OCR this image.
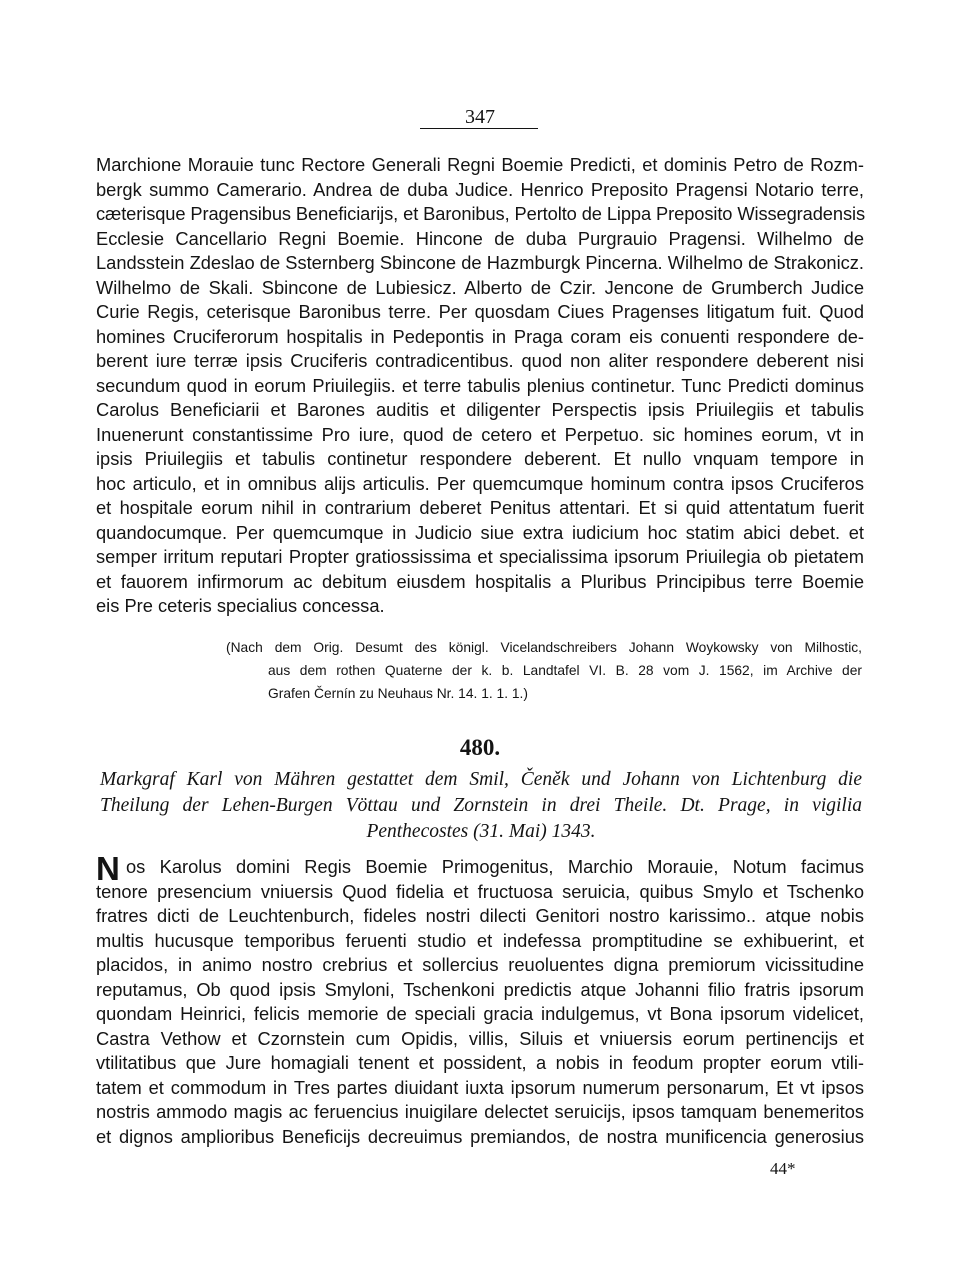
347
Marchione Morauie tunc Rectore Generali Regni Boemie Predicti, et dominis Petro de Rozm-
bergk summo Camerario. Andrea de duba Judice. Henrico Preposito Pragensi Notario terre,
cæterisque Pragensibus Beneficiarijs, et Baronibus, Pertolto de Lippa Preposito Wissegradensis
Ecclesie Cancellario Regni Boemie. Hincone de duba Purgrauio Pragensi. Wilhelmo de
Landsstein Zdeslao de Ssternberg Sbincone de Hazmburgk Pincerna. Wilhelmo de Strakonicz.
Wilhelmo de Skali. Sbincone de Lubiesicz. Alberto de Czir. Jencone de Grumberch Judice
Curie Regis, ceterisque Baronibus terre. Per quosdam Ciues Pragenses litigatum fuit. Quod
homines Cruciferorum hospitalis in Pedepontis in Praga coram eis conuenti respondere de-
berent iure terræ ipsis Cruciferis contradicentibus. quod non aliter respondere deberent nisi
secundum quod in eorum Priuilegiis. et terre tabulis plenius continetur. Tunc Predicti dominus
Carolus Beneficiarii et Barones auditis et diligenter Perspectis ipsis Priuilegiis et tabulis
Inuenerunt constantissime Pro iure, quod de cetero et Perpetuo. sic homines eorum, vt in
ipsis Priuilegiis et tabulis continetur respondere deberent. Et nullo vnquam tempore in
hoc articulo, et in omnibus alijs articulis. Per quemcumque hominum contra ipsos Cruciferos
et hospitale eorum nihil in contrarium deberet Penitus attentari. Et si quid attentatum fuerit
quandocumque. Per quemcumque in Judicio siue extra iudicium hoc statim abici debet. et
semper irritum reputari Propter gratiossissima et specialissima ipsorum Priuilegia ob pietatem
et fauorem infirmorum ac debitum eiusdem hospitalis a Pluribus Principibus terre Boemie
eis Pre ceteris specialius concessa.
(Nach dem Orig. Desumt des königl. Vicelandschreibers Johann Woykowsky von Milhostic,
aus dem rothen Quaterne der k. b. Landtafel VI. B. 28 vom J. 1562, im Archive der
Grafen Černín zu Neuhaus Nr. 14. 1. 1. 1.)
480.
Markgraf Karl von Mähren gestattet dem Smil, Čeněk und Johann von Lichtenburg die
Theilung der Lehen-Burgen Vöttau und Zornstein in drei Theile. Dt. Prage, in vigilia
Penthecostes (31. Mai) 1343.
os Karolus domini Regis Boemie Primogenitus, Marchio Morauie, Notum facimus
tenore presencium vniuersis Quod fidelia et fructuosa seruicia, quibus Smylo et Tschenko
fratres dicti de Leuchtenburch, fideles nostri dilecti Genitori nostro karissimo.. atque nobis
multis hucusque temporibus feruenti studio et indefessa promptitudine se exhibuerint, et
placidos, in animo nostro crebrius et sollercius reuoluentes digna premiorum vicissitudine
reputamus, Ob quod ipsis Smyloni, Tschenkoni predictis atque Johanni filio fratris ipsorum
quondam Heinrici, felicis memorie de speciali gracia indulgemus, vt Bona ipsorum videlicet,
Castra Vethow et Czornstein cum Opidis, villis, Siluis et vniuersis eorum pertinencijs et
vtilitatibus que Jure homagiali tenent et possident, a nobis in feodum propter eorum vtili-
tatem et commodum in Tres partes diuidant iuxta ipsorum numerum personarum, Et vt ipsos
nostris ammodo magis ac feruencius inuigilare delectet seruicijs, ipsos tamquam benemeritos
et dignos amplioribus Beneficijs decreuimus premiandos, de nostra munificencia generosius
N
44*
